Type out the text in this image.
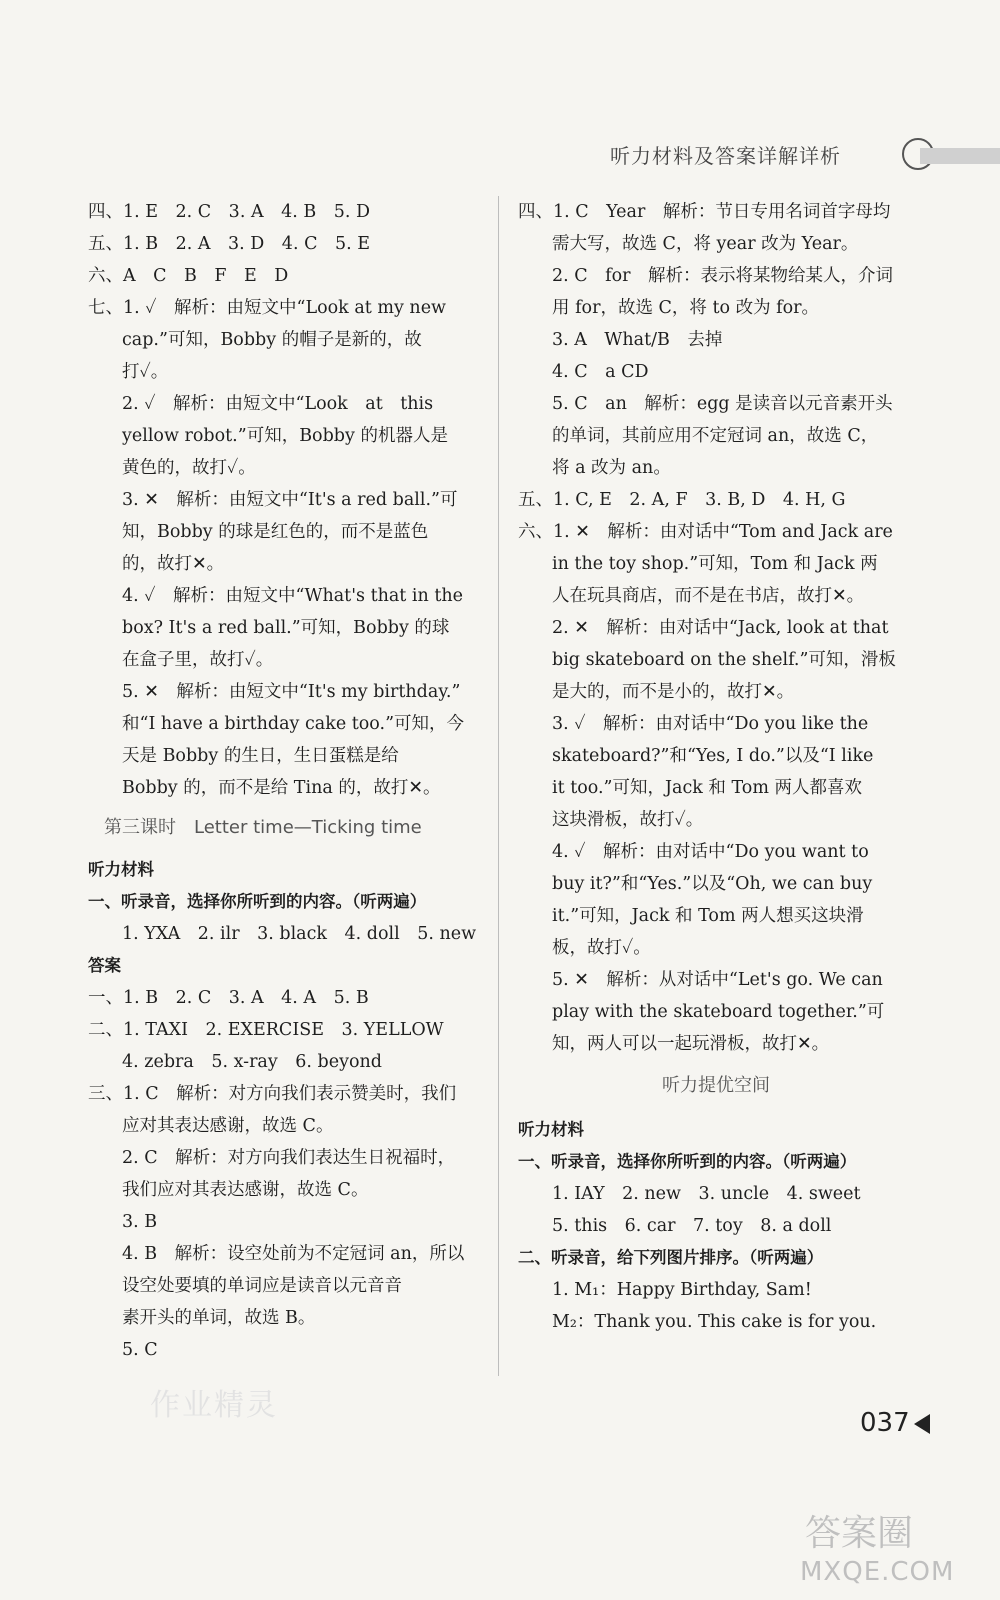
听力材料及答案详解详析
四、1. E　2. C　3. A　4. B　5. D
五、1. B　2. A　3. D　4. C　5. E
六、A　C　B　F　E　D
七、1. ✓　解析：由短文中“Look at my new
cap.”可知，Bobby 的帽子是新的，故
打✓。
2. ✓　解析：由短文中“Look　at　this
yellow robot.”可知，Bobby 的机器人是
黄色的，故打✓。
3. ✕　解析：由短文中“It's a red ball.”可
知，Bobby 的球是红色的，而不是蓝色
的，故打✕。
4. ✓　解析：由短文中“What's that in the
box? It's a red ball.”可知，Bobby 的球
在盒子里，故打✓。
5. ✕　解析：由短文中“It's my birthday.”
和“I have a birthday cake too.”可知，今
天是 Bobby 的生日，生日蛋糕是给
Bobby 的，而不是给 Tina 的，故打✕。
第三课时　Letter time—Ticking time
听力材料
一、听录音，选择你所听到的内容。（听两遍）
1. YXA　2. ilr　3. black　4. doll　5. new
答案
一、1. B　2. C　3. A　4. A　5. B
二、1. TAXI　2. EXERCISE　3. YELLOW
4. zebra　5. x-ray　6. beyond
三、1. C　解析：对方向我们表示赞美时，我们
应对其表达感谢，故选 C。
2. C　解析：对方向我们表达生日祝福时，
我们应对其表达感谢，故选 C。
3. B
4. B　解析：设空处前为不定冠词 an，所以
设空处要填的单词应是读音以元音音
素开头的单词，故选 B。
5. C
四、1. C　Year　解析：节日专用名词首字母均
需大写，故选 C，将 year 改为 Year。
2. C　for　解析：表示将某物给某人，介词
用 for，故选 C，将 to 改为 for。
3. A　What/B　去掉
4. C　a CD
5. C　an　解析：egg 是读音以元音素开头
的单词，其前应用不定冠词 an，故选 C，
将 a 改为 an。
五、1. C, E　2. A, F　3. B, D　4. H, G
六、1. ✕　解析：由对话中“Tom and Jack are
in the toy shop.”可知，Tom 和 Jack 两
人在玩具商店，而不是在书店，故打✕。
2. ✕　解析：由对话中“Jack, look at that
big skateboard on the shelf.”可知，滑板
是大的，而不是小的，故打✕。
3. ✓　解析：由对话中“Do you like the
skateboard?”和“Yes, I do.”以及“I like
it too.”可知，Jack 和 Tom 两人都喜欢
这块滑板，故打✓。
4. ✓　解析：由对话中“Do you want to
buy it?”和“Yes.”以及“Oh, we can buy
it.”可知，Jack 和 Tom 两人想买这块滑
板，故打✓。
5. ✕　解析：从对话中“Let's go. We can
play with the skateboard together.”可
知，两人可以一起玩滑板，故打✕。
听力提优空间
听力材料
一、听录音，选择你所听到的内容。（听两遍）
1. IAY　2. new　3. uncle　4. sweet
5. this　6. car　7. toy　8. a doll
二、听录音，给下列图片排序。（听两遍）
1. M₁：Happy Birthday, Sam!
M₂：Thank you. This cake is for you.
037
作业精灵
答案圈
MXQE.COM
